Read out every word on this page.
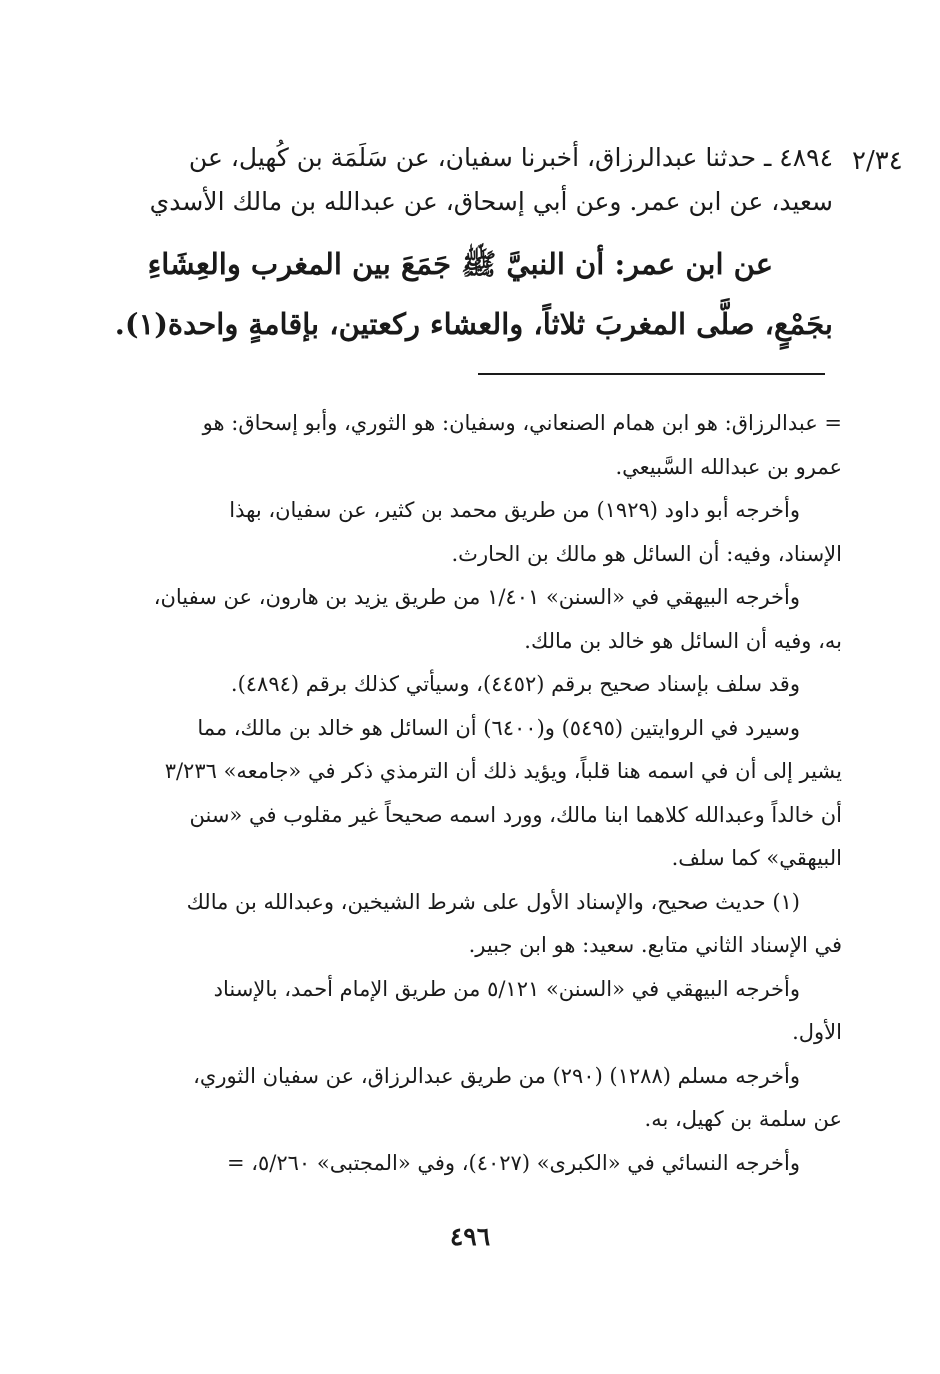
٢/٣٤
٤٨٩٤ ـ حدثنا عبدالرزاق، أخبرنا سفيان، عن سَلَمَة بن كُهيل، عن
سعيد، عن ابن عمر. وعن أبي إسحاق، عن عبدالله بن مالك الأسدي
عن ابن عمر: أن النبيَّ ﷺ جَمَعَ بين المغرب والعِشَاءِ
بجَمْعٍ، صلَّى المغربَ ثلاثاً، والعشاء ركعتين، بإقامةٍ واحدة(١).
= عبدالرزاق: هو ابن همام الصنعاني، وسفيان: هو الثوري، وأبو إسحاق: هو
عمرو بن عبدالله السَّبيعي.
وأخرجه أبو داود (١٩٢٩) من طريق محمد بن كثير، عن سفيان، بهذا
الإسناد، وفيه: أن السائل هو مالك بن الحارث.
وأخرجه البيهقي في «السنن» ١/٤٠١ من طريق يزيد بن هارون، عن سفيان،
به، وفيه أن السائل هو خالد بن مالك.
وقد سلف بإسناد صحيح برقم (٤٤٥٢)، وسيأتي كذلك برقم (٤٨٩٤).
وسيرد في الروايتين (٥٤٩٥) و(٦٤٠٠) أن السائل هو خالد بن مالك، مما
يشير إلى أن في اسمه هنا قلباً، ويؤيد ذلك أن الترمذي ذكر في «جامعه» ٣/٢٣٦
أن خالداً وعبدالله كلاهما ابنا مالك، وورد اسمه صحيحاً غير مقلوب في «سنن
البيهقي» كما سلف.
(١) حديث صحيح، والإسناد الأول على شرط الشيخين، وعبدالله بن مالك
في الإسناد الثاني متابع. سعيد: هو ابن جبير.
وأخرجه البيهقي في «السنن» ٥/١٢١ من طريق الإمام أحمد، بالإسناد
الأول.
وأخرجه مسلم (١٢٨٨) (٢٩٠) من طريق عبدالرزاق، عن سفيان الثوري،
عن سلمة بن كهيل، به.
وأخرجه النسائي في «الكبرى» (٤٠٢٧)، وفي «المجتبى» ٥/٢٦٠، =
٤٩٦
